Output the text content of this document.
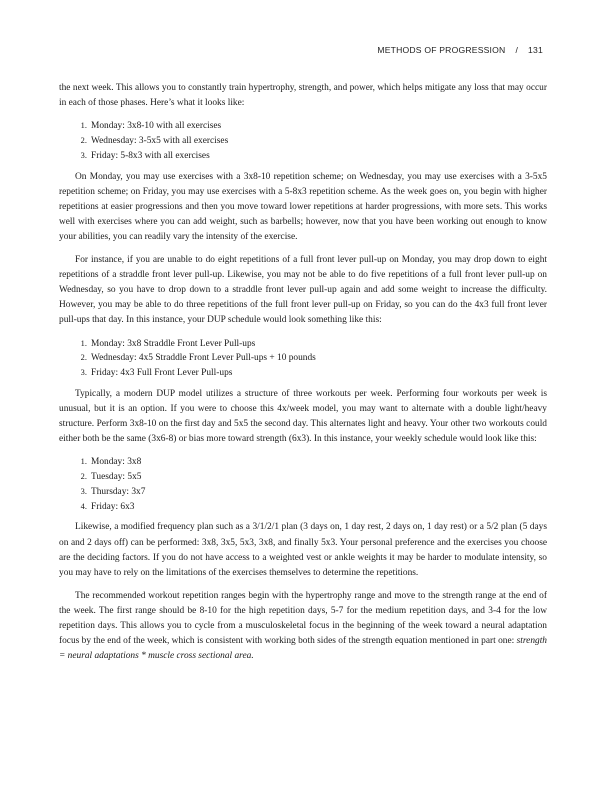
METHODS OF PROGRESSION / 131

the next week. This allows you to constantly train hypertrophy, strength, and power, which helps mitigate any loss that may occur in each of those phases. Here’s what it looks like:

1. Monday: 3x8-10 with all exercises
2. Wednesday: 3-5x5 with all exercises
3. Friday: 5-8x3 with all exercises

On Monday, you may use exercises with a 3x8-10 repetition scheme; on Wednesday, you may use exercises with a 3-5x5 repetition scheme; on Friday, you may use exercises with a 5-8x3 repetition scheme. As the week goes on, you begin with higher repetitions at easier progressions and then you move toward lower repetitions at harder progressions, with more sets. This works well with exercises where you can add weight, such as barbells; however, now that you have been working out enough to know your abilities, you can readily vary the intensity of the exercise.

For instance, if you are unable to do eight repetitions of a full front lever pull-up on Monday, you may drop down to eight repetitions of a straddle front lever pull-up. Likewise, you may not be able to do five repetitions of a full front lever pull-up on Wednesday, so you have to drop down to a straddle front lever pull-up again and add some weight to increase the difficulty. However, you may be able to do three repetitions of the full front lever pull-up on Friday, so you can do the 4x3 full front lever pull-ups that day. In this instance, your DUP schedule would look something like this:

1. Monday: 3x8 Straddle Front Lever Pull-ups
2. Wednesday: 4x5 Straddle Front Lever Pull-ups + 10 pounds
3. Friday: 4x3 Full Front Lever Pull-ups

Typically, a modern DUP model utilizes a structure of three workouts per week. Performing four workouts per week is unusual, but it is an option. If you were to choose this 4x/week model, you may want to alternate with a double light/heavy structure. Perform 3x8-10 on the first day and 5x5 the second day. This alternates light and heavy. Your other two workouts could either both be the same (3x6-8) or bias more toward strength (6x3). In this instance, your weekly schedule would look like this:

1. Monday: 3x8
2. Tuesday: 5x5
3. Thursday: 3x7
4. Friday: 6x3

Likewise, a modified frequency plan such as a 3/1/2/1 plan (3 days on, 1 day rest, 2 days on, 1 day rest) or a 5/2 plan (5 days on and 2 days off) can be performed: 3x8, 3x5, 5x3, 3x8, and finally 5x3. Your personal preference and the exercises you choose are the deciding factors. If you do not have access to a weighted vest or ankle weights it may be harder to modulate intensity, so you may have to rely on the limitations of the exercises themselves to determine the repetitions.

The recommended workout repetition ranges begin with the hypertrophy range and move to the strength range at the end of the week. The first range should be 8-10 for the high repetition days, 5-7 for the medium repetition days, and 3-4 for the low repetition days. This allows you to cycle from a musculoskeletal focus in the beginning of the week toward a neural adaptation focus by the end of the week, which is consistent with working both sides of the strength equation mentioned in part one: strength = neural adaptations * muscle cross sectional area.
